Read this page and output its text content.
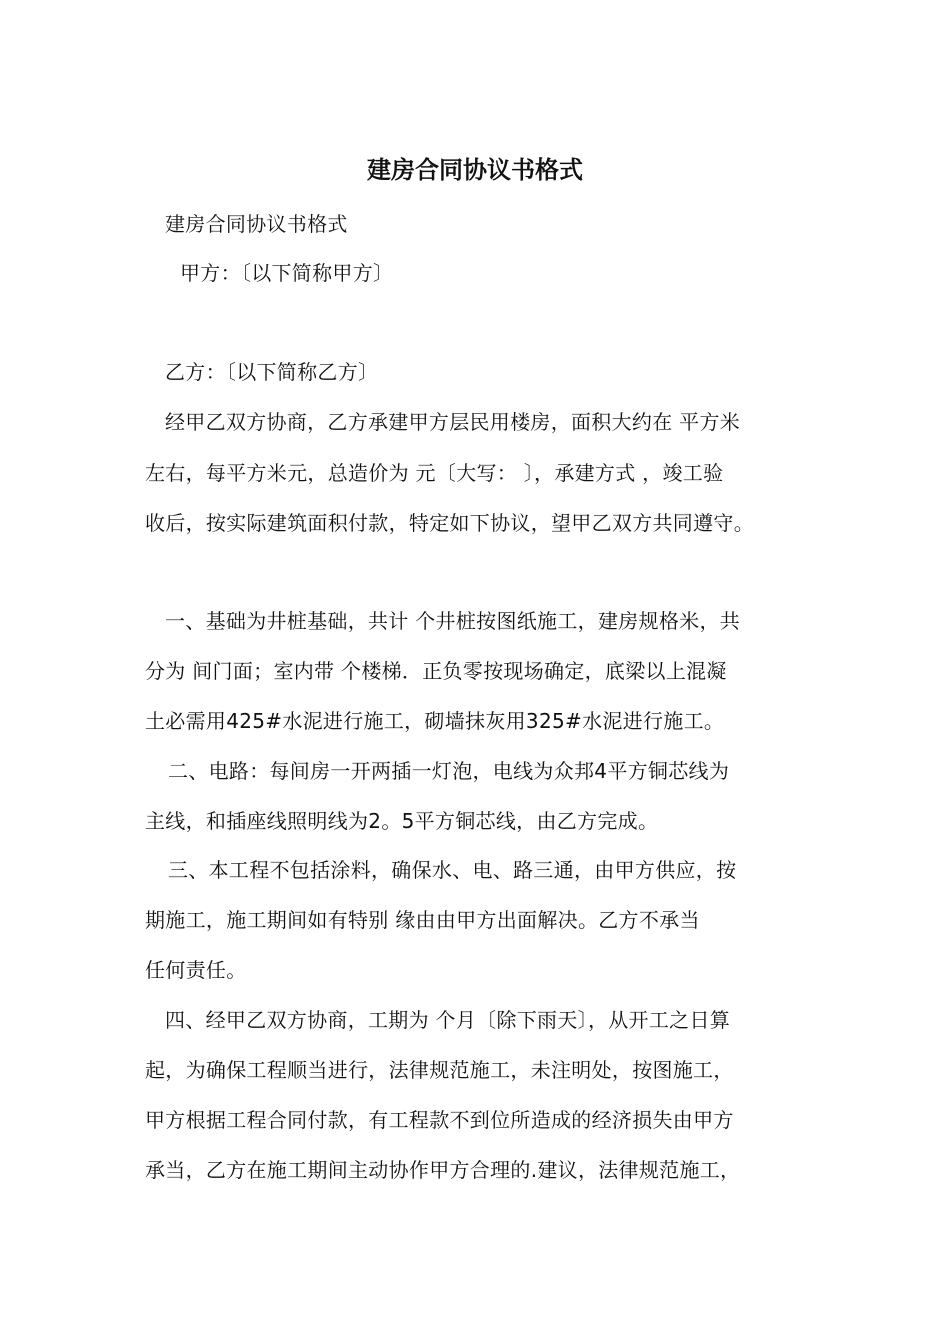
建房合同协议书格式
建房合同协议书格式
甲方：〔以下简称甲方〕
乙方：〔以下简称乙方〕
经甲乙双方协商，乙方承建甲方层民用楼房，面积大约在 平方米
左右，每平方米元，总造价为 元〔大写： 〕，承建方式 ，竣工验
收后，按实际建筑面积付款，特定如下协议，望甲乙双方共同遵守。
一、基础为井桩基础，共计 个井桩按图纸施工，建房规格米，共
分为 间门面；室内带 个楼梯．正负零按现场确定，底梁以上混凝
土必需用425#水泥进行施工，砌墙抹灰用325#水泥进行施工。
二、电路：每间房一开两插一灯泡，电线为众邦4平方铜芯线为
主线，和插座线照明线为2。5平方铜芯线，由乙方完成。
三、本工程不包括涂料，确保水、电、路三通，由甲方供应，按
期施工，施工期间如有特别 缘由由甲方出面解决。乙方不承当
任何责任。
四、经甲乙双方协商，工期为 个月〔除下雨天〕，从开工之日算
起，为确保工程顺当进行，法律规范施工，未注明处，按图施工，
甲方根据工程合同付款，有工程款不到位所造成的经济损失由甲方
承当，乙方在施工期间主动协作甲方合理的.建议，法律规范施工，
